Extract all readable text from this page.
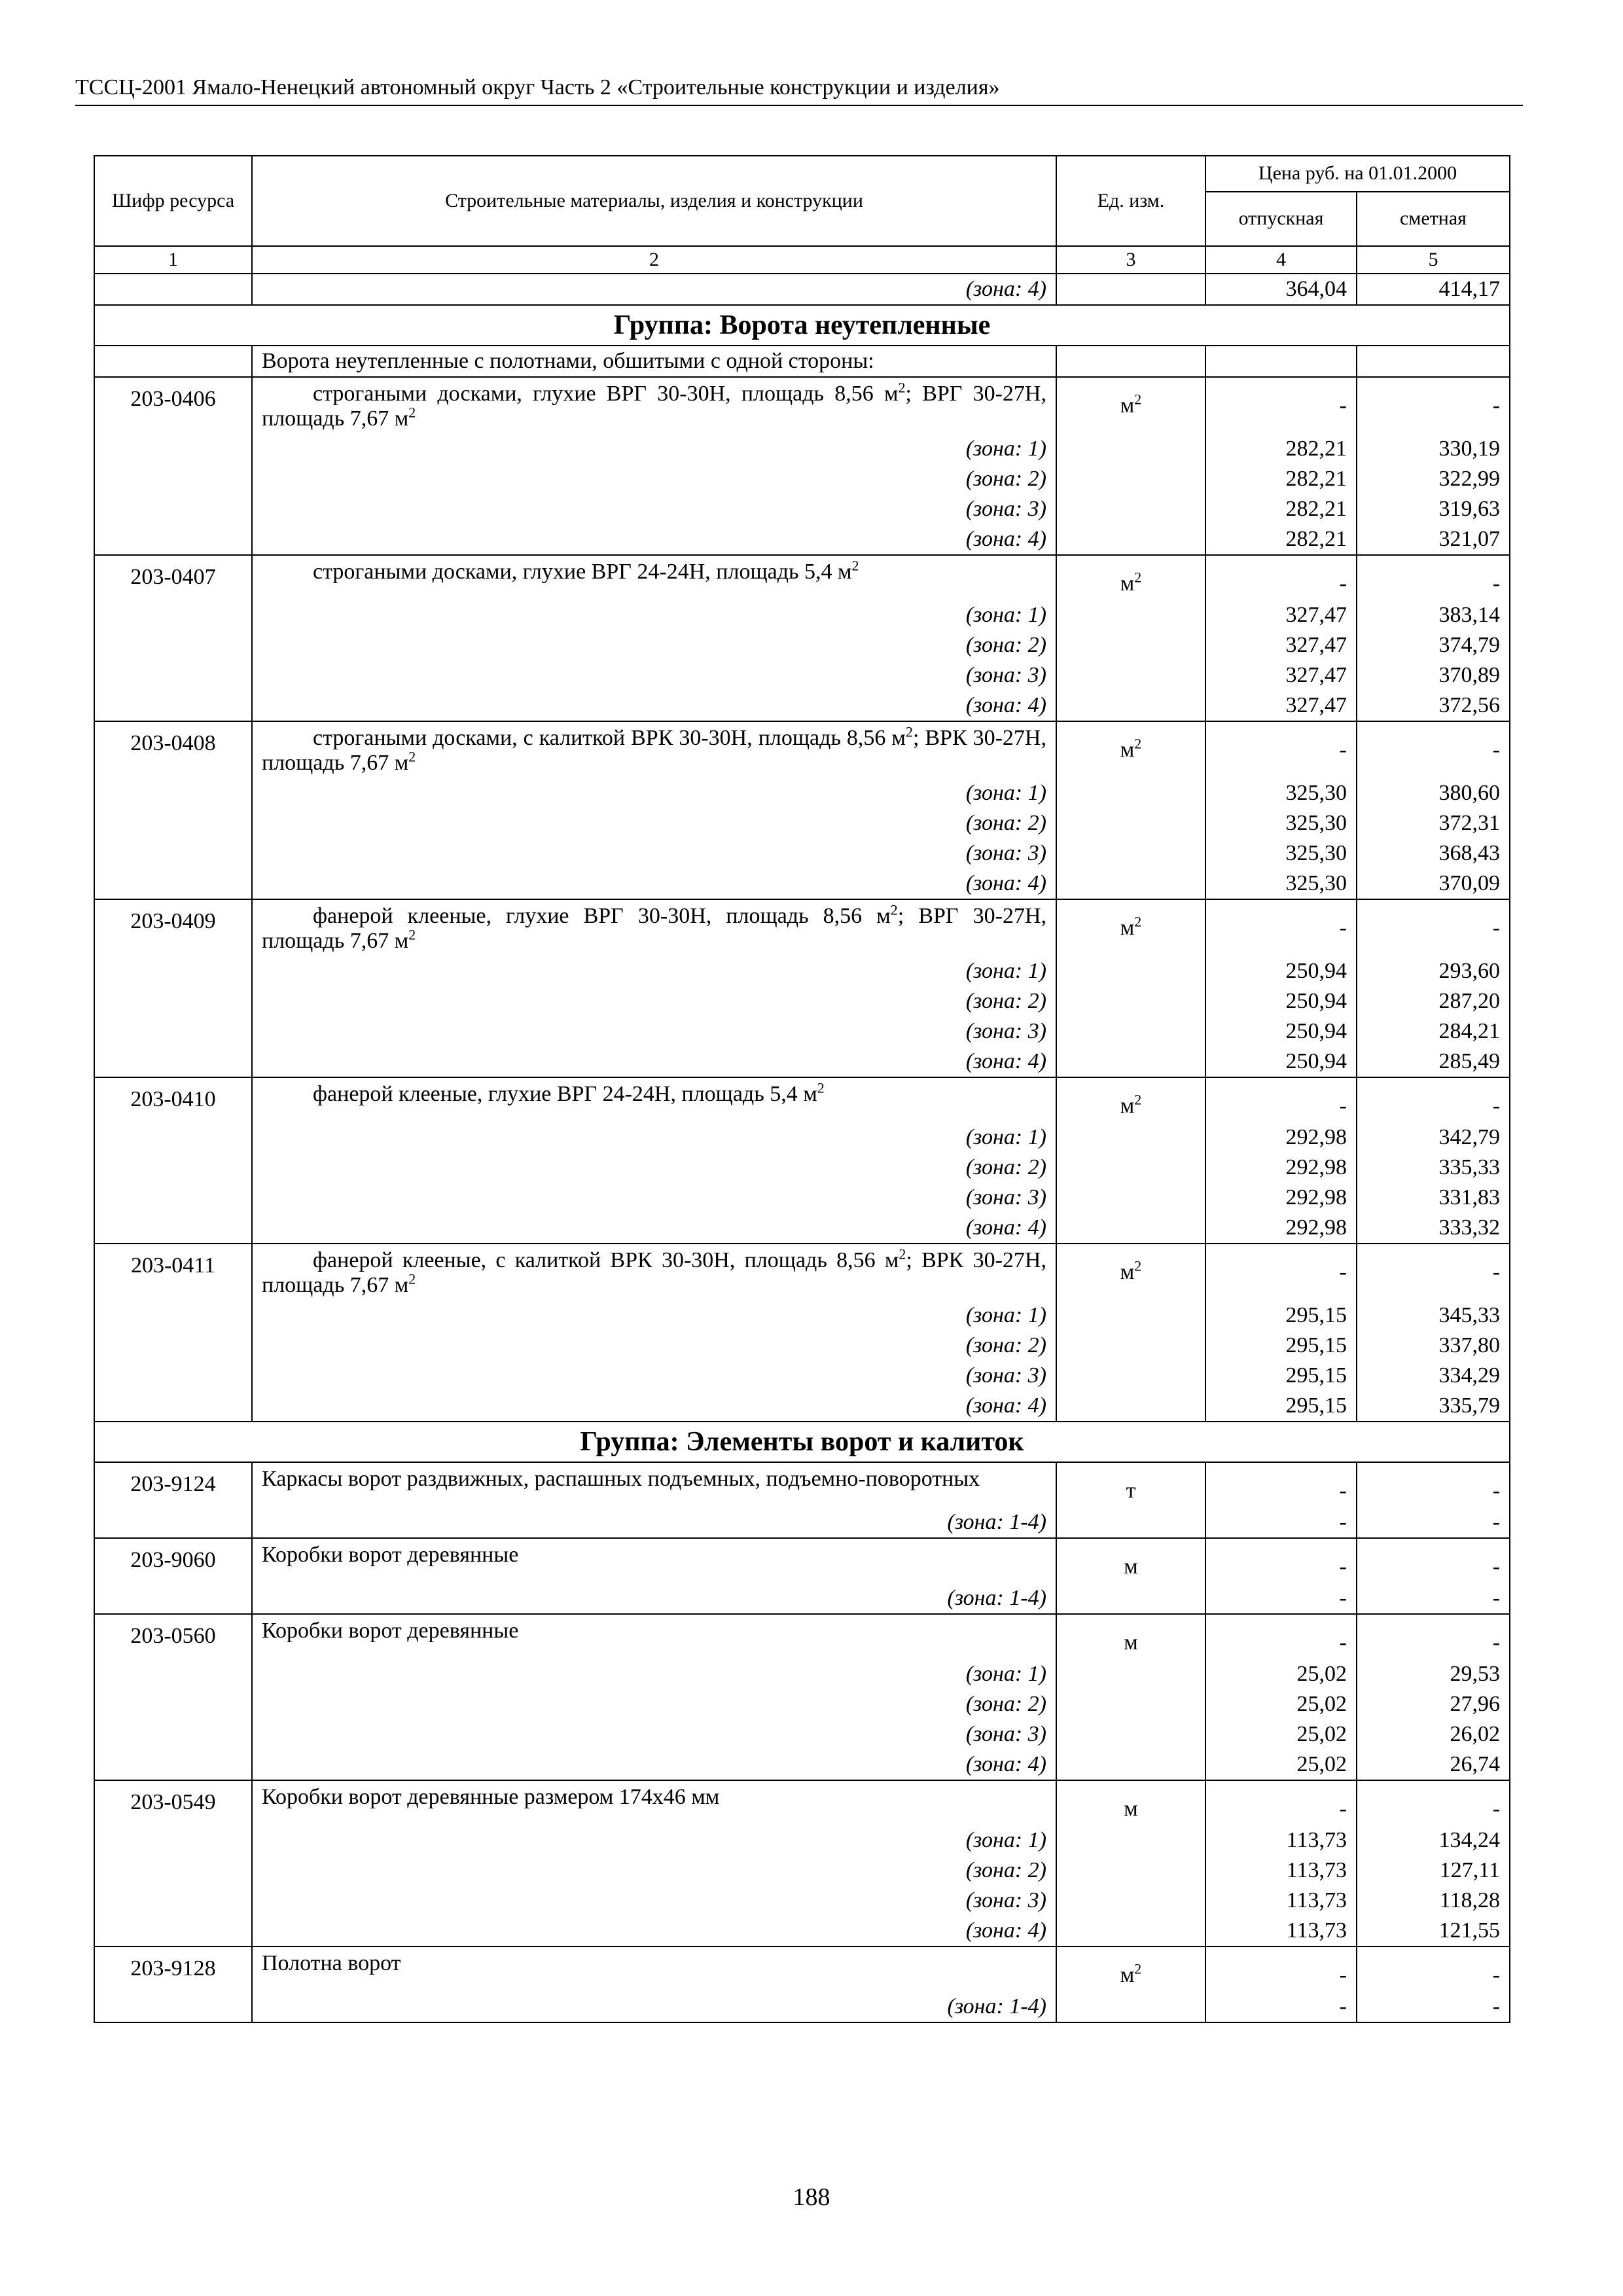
ТССЦ-2001 Ямало-Ненецкий автономный округ Часть 2 «Строительные конструкции и изделия»
Шифр ресурса	Строительные материалы, изделия и конструкции	Ед. изм.	Цена руб. на 01.01.2000	
			отпускная	сметная
1	2	3	4	5
	(зона: 4)		364,04	414,17
Группа: Ворота неутепленные				
	Ворота неутепленные с полотнами, обшитыми с одной стороны:			
203-0406	строгаными досками, глухие ВРГ 30-30Н, площадь 8,56 $м^2$; ВРГ 30-27Н, площадь 7,67 $м^2$	$м^2$	-	-
	(зона: 1)		282,21	330,19
	(зона: 2)		282,21	322,99
	(зона: 3)		282,21	319,63
	(зона: 4)		282,21	321,07
203-0407	строгаными досками, глухие ВРГ 24-24Н, площадь 5,4 $м^2$	$м^2$	-	-
	(зона: 1)		327,47	383,14
	(зона: 2)		327,47	374,79
	(зона: 3)		327,47	370,89
	(зона: 4)		327,47	372,56
203-0408	строгаными досками, с калиткой ВРК 30-30Н, площадь 8,56 $м^2$; ВРК 30-27Н, площадь 7,67 $м^2$	$м^2$	-	-
	(зона: 1)		325,30	380,60
	(зона: 2)		325,30	372,31
	(зона: 3)		325,30	368,43
	(зона: 4)		325,30	370,09
203-0409	фанерой клееные, глухие ВРГ 30-30Н, площадь 8,56 $м^2$; ВРГ 30-27Н, площадь 7,67 $м^2$	$м^2$	-	-
	(зона: 1)		250,94	293,60
	(зона: 2)		250,94	287,20
	(зона: 3)		250,94	284,21
	(зона: 4)		250,94	285,49
203-0410	фанерой клееные, глухие ВРГ 24-24Н, площадь 5,4 $м^2$	$м^2$	-	-
	(зона: 1)		292,98	342,79
	(зона: 2)		292,98	335,33
	(зона: 3)		292,98	331,83
	(зона: 4)		292,98	333,32
203-0411	фанерой клееные, с калиткой ВРК 30-30Н, площадь 8,56 $м^2$; ВРК 30-27Н, площадь 7,67 $м^2$	$м^2$	-	-
	(зона: 1)		295,15	345,33
	(зона: 2)		295,15	337,80
	(зона: 3)		295,15	334,29
	(зона: 4)		295,15	335,79
Группа: Элементы ворот и калиток				
203-9124	Каркасы ворот раздвижных, распашных подъемных, подъемно-поворотных	т	-	-
	(зона: 1-4)		-	-
203-9060	Коробки ворот деревянные	м	-	-
	(зона: 1-4)		-	-
203-0560	Коробки ворот деревянные	м	-	-
	(зона: 1)		25,02	29,53
	(зона: 2)		25,02	27,96
	(зона: 3)		25,02	26,02
	(зона: 4)		25,02	26,74
203-0549	Коробки ворот деревянные размером 174х46 мм	м	-	-
	(зона: 1)		113,73	134,24
	(зона: 2)		113,73	127,11
	(зона: 3)		113,73	118,28
	(зона: 4)		113,73	121,55
203-9128	Полотна ворот	$м^2$	-	-
	(зона: 1-4)		-	-
188
